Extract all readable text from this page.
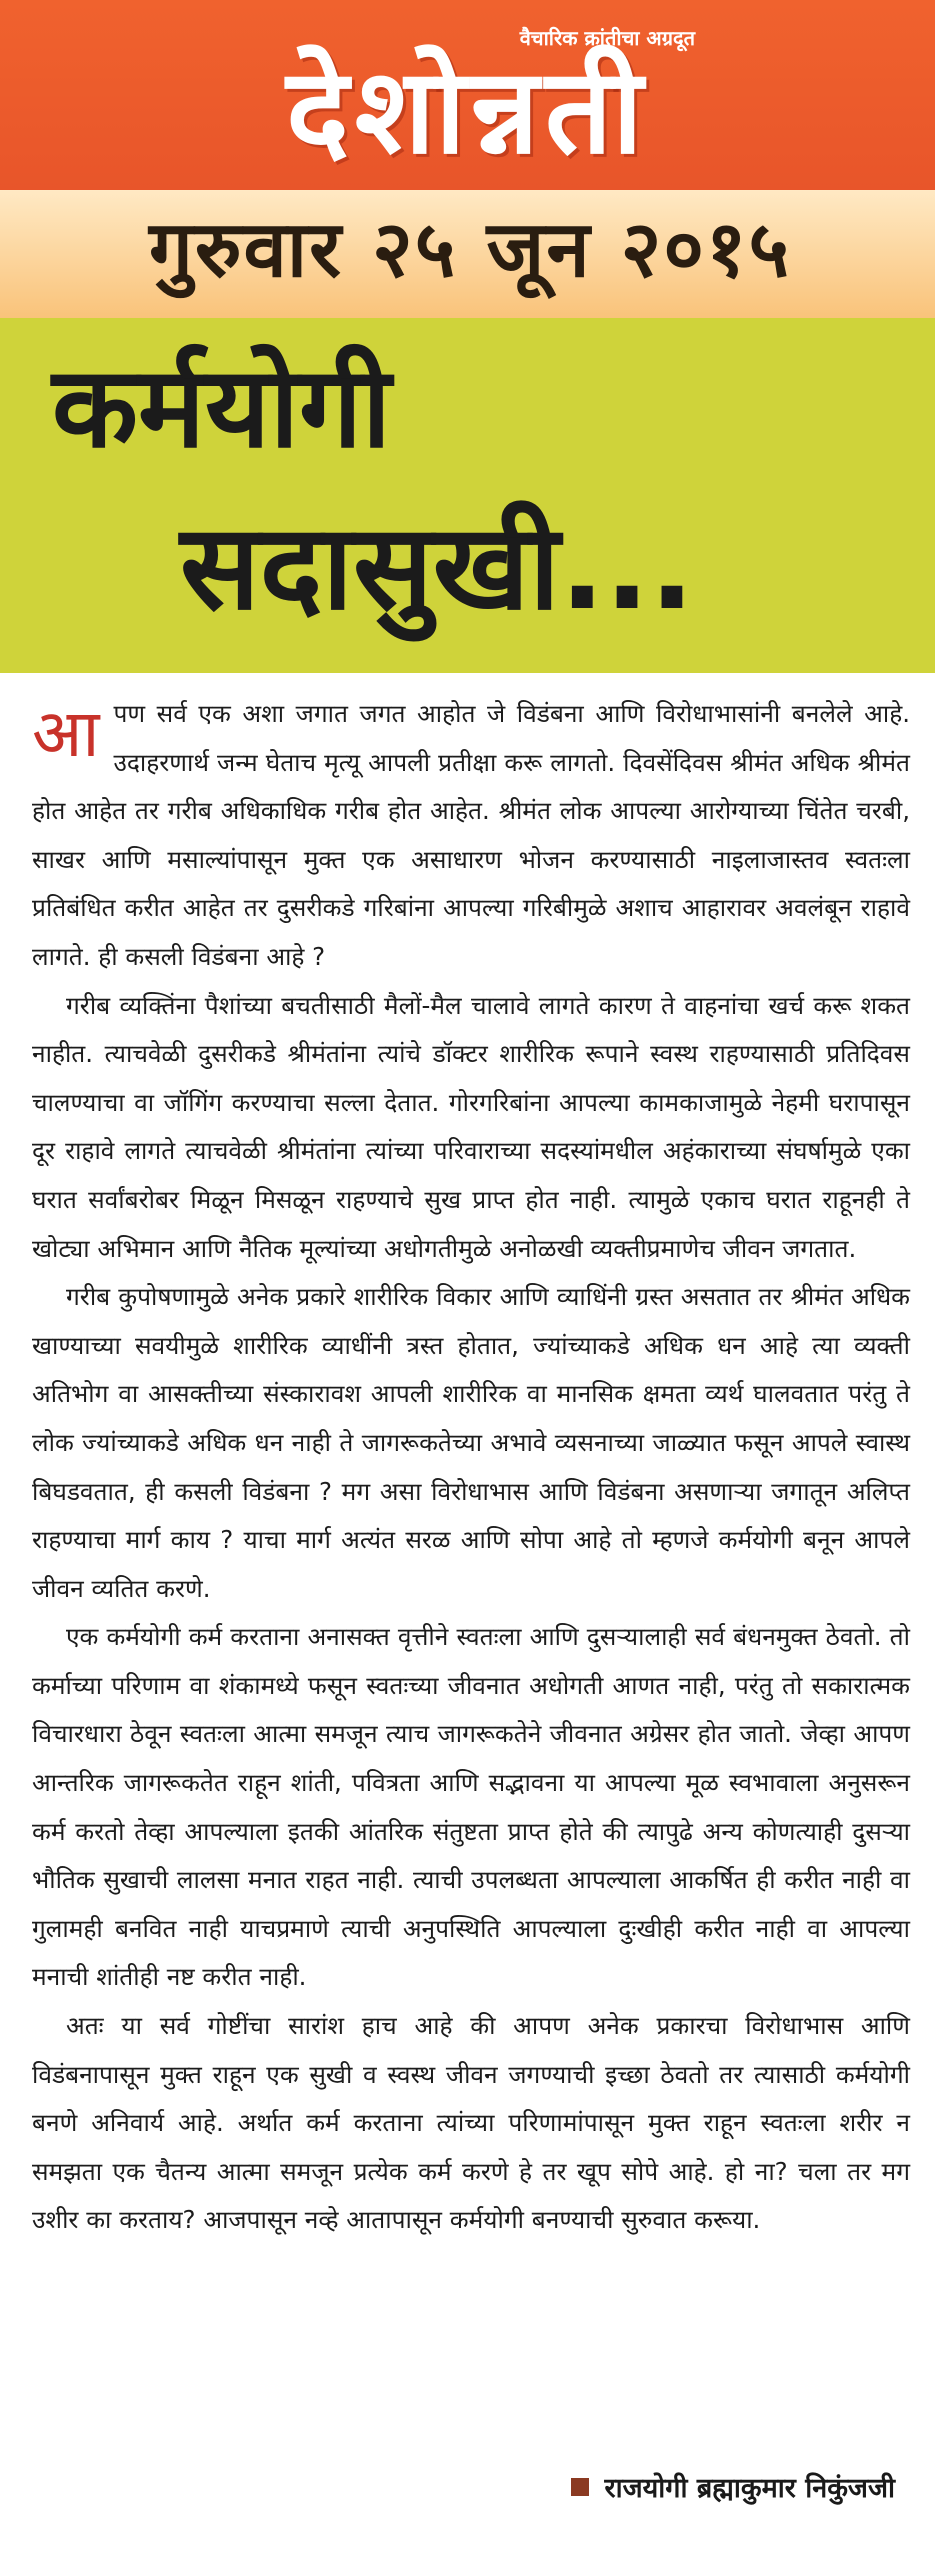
वैचारिक क्रांतीचा अग्रदूत
देशोन्नती
गुरुवार २५ जून २०१५
कर्मयोगी
सदासुखी...

आ पण सर्व एक अशा जगात जगत आहोत जे विडंबना आणि विरोधाभासांनी बनलेले आहे. उदाहरणार्थ जन्म घेताच मृत्यू आपली प्रतीक्षा करू लागतो. दिवसेंदिवस श्रीमंत अधिक श्रीमंत होत आहेत तर गरीब अधिकाधिक गरीब होत आहेत. श्रीमंत लोक आपल्या आरोग्याच्या चिंतेत चरबी, साखर आणि मसाल्यांपासून मुक्त एक असाधारण भोजन करण्यासाठी नाइलाजास्तव स्वतःला प्रतिबंधित करीत आहेत तर दुसरीकडे गरिबांना आपल्या गरिबीमुळे अशाच आहारावर अवलंबून राहावे लागते. ही कसली विडंबना आहे ?

गरीब व्यक्तिंना पैशांच्या बचतीसाठी मैलों-मैल चालावे लागते कारण ते वाहनांचा खर्च करू शकत नाहीत. त्याचवेळी दुसरीकडे श्रीमंतांना त्यांचे डॉक्टर शारीरिक रूपाने स्वस्थ राहण्यासाठी प्रतिदिवस चालण्याचा वा जॉगिंग करण्याचा सल्ला देतात. गोरगरिबांना आपल्या कामकाजामुळे नेहमी घरापासून दूर राहावे लागते त्याचवेळी श्रीमंतांना त्यांच्या परिवाराच्या सदस्यांमधील अहंकाराच्या संघर्षामुळे एका घरात सर्वांबरोबर मिळून मिसळून राहण्याचे सुख प्राप्त होत नाही. त्यामुळे एकाच घरात राहूनही ते खोट्या अभिमान आणि नैतिक मूल्यांच्या अधोगतीमुळे अनोळखी व्यक्तीप्रमाणेच जीवन जगतात.

गरीब कुपोषणामुळे अनेक प्रकारे शारीरिक विकार आणि व्याधिंनी ग्रस्त असतात तर श्रीमंत अधिक खाण्याच्या सवयीमुळे शारीरिक व्याधींनी त्रस्त होतात, ज्यांच्याकडे अधिक धन आहे त्या व्यक्ती अतिभोग वा आसक्तीच्या संस्कारावश आपली शारीरिक वा मानसिक क्षमता व्यर्थ घालवतात परंतु ते लोक ज्यांच्याकडे अधिक धन नाही ते जागरूकतेच्या अभावे व्यसनाच्या जाळ्यात फसून आपले स्वास्थ बिघडवतात, ही कसली विडंबना ? मग असा विरोधाभास आणि विडंबना असणाऱ्या जगातून अलिप्त राहण्याचा मार्ग काय ? याचा मार्ग अत्यंत सरळ आणि सोपा आहे तो म्हणजे कर्मयोगी बनून आपले जीवन व्यतित करणे.

एक कर्मयोगी कर्म करताना अनासक्त वृत्तीने स्वतःला आणि दुसऱ्यालाही सर्व बंधनमुक्त ठेवतो. तो कर्माच्या परिणाम वा शंकामध्ये फसून स्वतःच्या जीवनात अधोगती आणत नाही, परंतु तो सकारात्मक विचारधारा ठेवून स्वतःला आत्मा समजून त्याच जागरूकतेने जीवनात अग्रेसर होत जातो. जेव्हा आपण आन्तरिक जागरूकतेत राहून शांती, पवित्रता आणि सद्भावना या आपल्या मूळ स्वभावाला अनुसरून कर्म करतो तेव्हा आपल्याला इतकी आंतरिक संतुष्टता प्राप्त होते की त्यापुढे अन्य कोणत्याही दुसऱ्या भौतिक सुखाची लालसा मनात राहत नाही. त्याची उपलब्धता आपल्याला आकर्षित ही करीत नाही वा गुलामही बनवित नाही याचप्रमाणे त्याची अनुपस्थिति आपल्याला दुःखीही करीत नाही वा आपल्या मनाची शांतीही नष्ट करीत नाही.

अतः या सर्व गोष्टींचा सारांश हाच आहे की आपण अनेक प्रकारचा विरोधाभास आणि विडंबनापासून मुक्त राहून एक सुखी व स्वस्थ जीवन जगण्याची इच्छा ठेवतो तर त्यासाठी कर्मयोगी बनणे अनिवार्य आहे. अर्थात कर्म करताना त्यांच्या परिणामांपासून मुक्त राहून स्वतःला शरीर न समझता एक चैतन्य आत्मा समजून प्रत्येक कर्म करणे हे तर खूप सोपे आहे. हो ना? चला तर मग उशीर का करताय? आजपासून नव्हे आतापासून कर्मयोगी बनण्याची सुरुवात करूया.

राजयोगी ब्रह्माकुमार निकुंजजी
